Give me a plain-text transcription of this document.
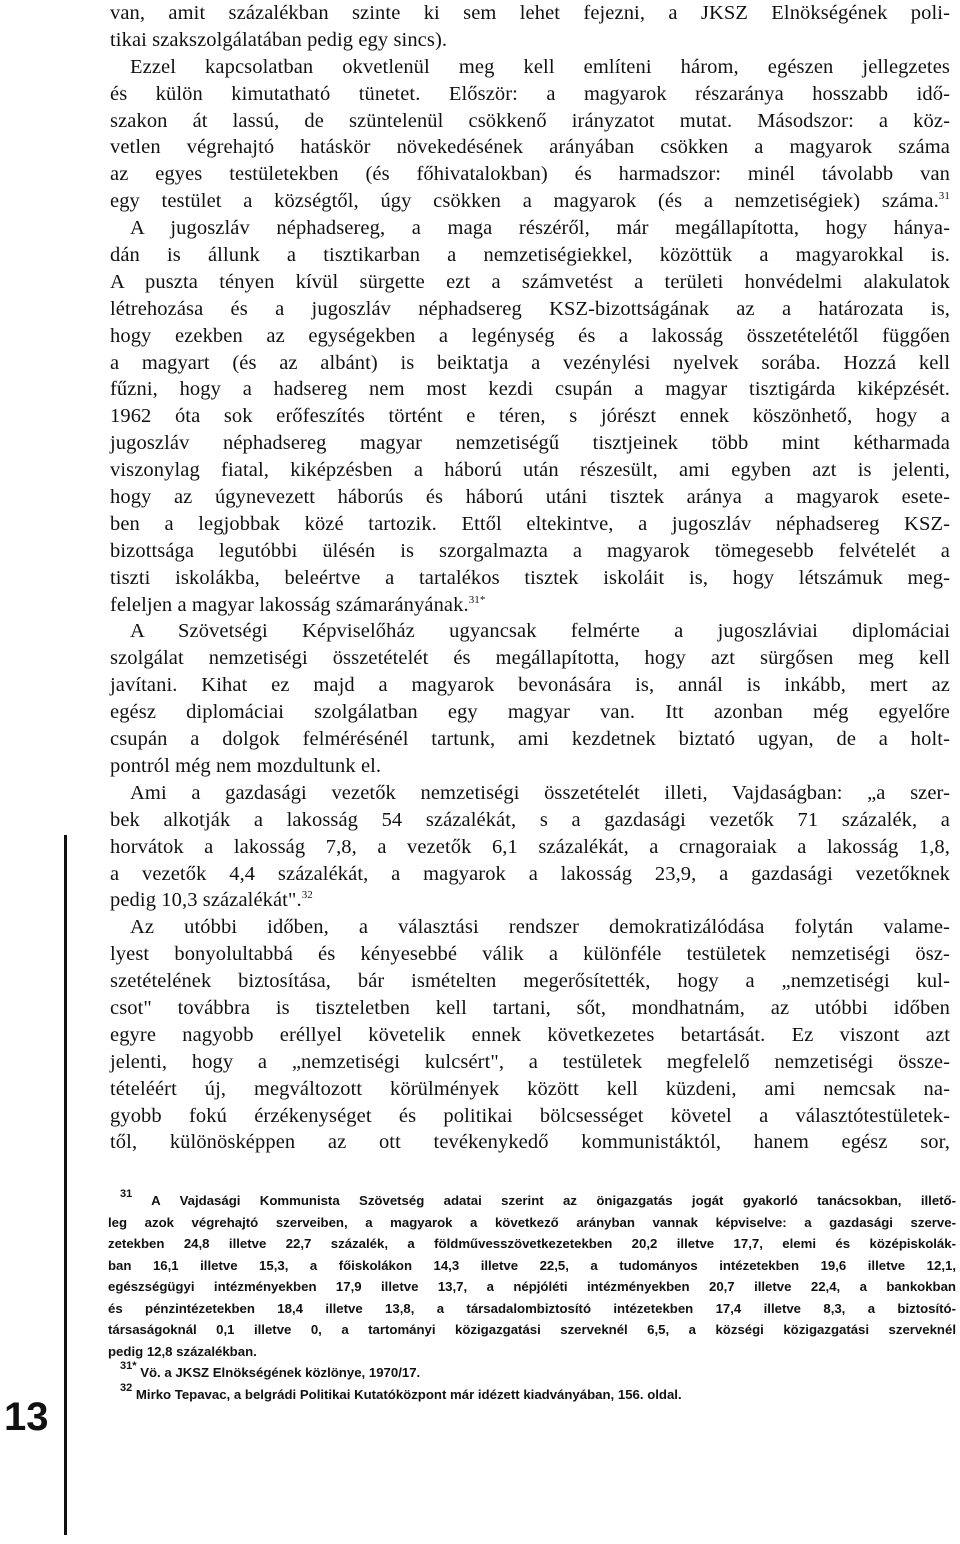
van, amit százalékban szinte ki sem lehet fejezni, a JKSZ Elnökségének poli-
tikai szakszolgálatában pedig egy sincs).
Ezzel kapcsolatban okvetlenül meg kell említeni három, egészen jellegzetes
és külön kimutatható tünetet. Először: a magyarok részaránya hosszabb idő-
szakon át lassú, de szüntelenül csökkenő irányzatot mutat. Másodszor: a köz-
vetlen végrehajtó hatáskör növekedésének arányában csökken a magyarok száma
az egyes testületekben (és főhivatalokban) és harmadszor: minél távolabb van
egy testület a községtől, úgy csökken a magyarok (és a nemzetiségiek) száma.$^{31}$
A jugoszláv néphadsereg, a maga részéről, már megállapította, hogy hánya-
dán is állunk a tisztikarban a nemzetiségiekkel, közöttük a magyarokkal is.
A puszta tényen kívül sürgette ezt a számvetést a területi honvédelmi alakulatok
létrehozása és a jugoszláv néphadsereg KSZ-bizottságának az a határozata is,
hogy ezekben az egységekben a legénység és a lakosság összetételétől függően
a magyart (és az albánt) is beiktatja a vezénylési nyelvek sorába. Hozzá kell
fűzni, hogy a hadsereg nem most kezdi csupán a magyar tisztigárda kiképzését.
1962 óta sok erőfeszítés történt e téren, s jórészt ennek köszönhető, hogy a
jugoszláv néphadsereg magyar nemzetiségű tisztjeinek több mint kétharmada
viszonylag fiatal, kiképzésben a háború után részesült, ami egyben azt is jelenti,
hogy az úgynevezett háborús és háború utáni tisztek aránya a magyarok esete-
ben a legjobbak közé tartozik. Ettől eltekintve, a jugoszláv néphadsereg KSZ-
bizottsága legutóbbi ülésén is szorgalmazta a magyarok tömegesebb felvételét a
tiszti iskolákba, beleértve a tartalékos tisztek iskoláit is, hogy létszámuk meg-
feleljen a magyar lakosság számarányának.$^{31*}$
A Szövetségi Képviselőház ugyancsak felmérte a jugoszláviai diplomáciai
szolgálat nemzetiségi összetételét és megállapította, hogy azt sürgősen meg kell
javítani. Kihat ez majd a magyarok bevonására is, annál is inkább, mert az
egész diplomáciai szolgálatban egy magyar van. Itt azonban még egyelőre
csupán a dolgok felmérésénél tartunk, ami kezdetnek biztató ugyan, de a holt-
pontról még nem mozdultunk el.
Ami a gazdasági vezetők nemzetiségi összetételét illeti, Vajdaságban: „a szer-
bek alkotják a lakosság 54 százalékát, s a gazdasági vezetők 71 százalék, a
horvátok a lakosság 7,8, a vezetők 6,1 százalékát, a crnagoraiak a lakosság 1,8,
a vezetők 4,4 százalékát, a magyarok a lakosság 23,9, a gazdasági vezetőknek
pedig 10,3 százalékát".$^{32}$
Az utóbbi időben, a választási rendszer demokratizálódása folytán valame-
lyest bonyolultabbá és kényesebbé válik a különféle testületek nemzetiségi ösz-
szetételének biztosítása, bár ismételten megerősítették, hogy a „nemzetiségi kul-
csot" továbbra is tiszteletben kell tartani, sőt, mondhatnám, az utóbbi időben
egyre nagyobb eréllyel követelik ennek következetes betartását. Ez viszont azt
jelenti, hogy a „nemzetiségi kulcsért", a testületek megfelelő nemzetiségi össze-
tételéért új, megváltozott körülmények között kell küzdeni, ami nemcsak na-
gyobb fokú érzékenységet és politikai bölcsességet követel a választótestületek-
től, különösképpen az ott tevékenykedő kommunistáktól, hanem egész sor,
$^{31}$ A Vajdasági Kommunista Szövetség adatai szerint az önigazgatás jogát gyakorló tanácsokban, illető-
leg azok végrehajtó szerveiben, a magyarok a következő arányban vannak képviselve: a gazdasági szerve-
zetekben 24,8 illetve 22,7 százalék, a földművesszövetkezetekben 20,2 illetve 17,7, elemi és középiskolák-
ban 16,1 illetve 15,3, a főiskolákon 14,3 illetve 22,5, a tudományos intézetekben 19,6 illetve 12,1,
egészségügyi intézményekben 17,9 illetve 13,7, a népjóléti intézményekben 20,7 illetve 22,4, a bankokban
és pénzintézetekben 18,4 illetve 13,8, a társadalombiztosító intézetekben 17,4 illetve 8,3, a biztosító-
társaságoknál 0,1 illetve 0, a tartományi közigazgatási szerveknél 6,5, a községi közigazgatási szerveknél
pedig 12,8 százalékban.
$^{31*}$ Vö. a JKSZ Elnökségének közlönye, 1970/17.
$^{32}$ Mirko Tepavac, a belgrádi Politikai Kutatóközpont már idézett kiadványában, 156. oldal.
13
